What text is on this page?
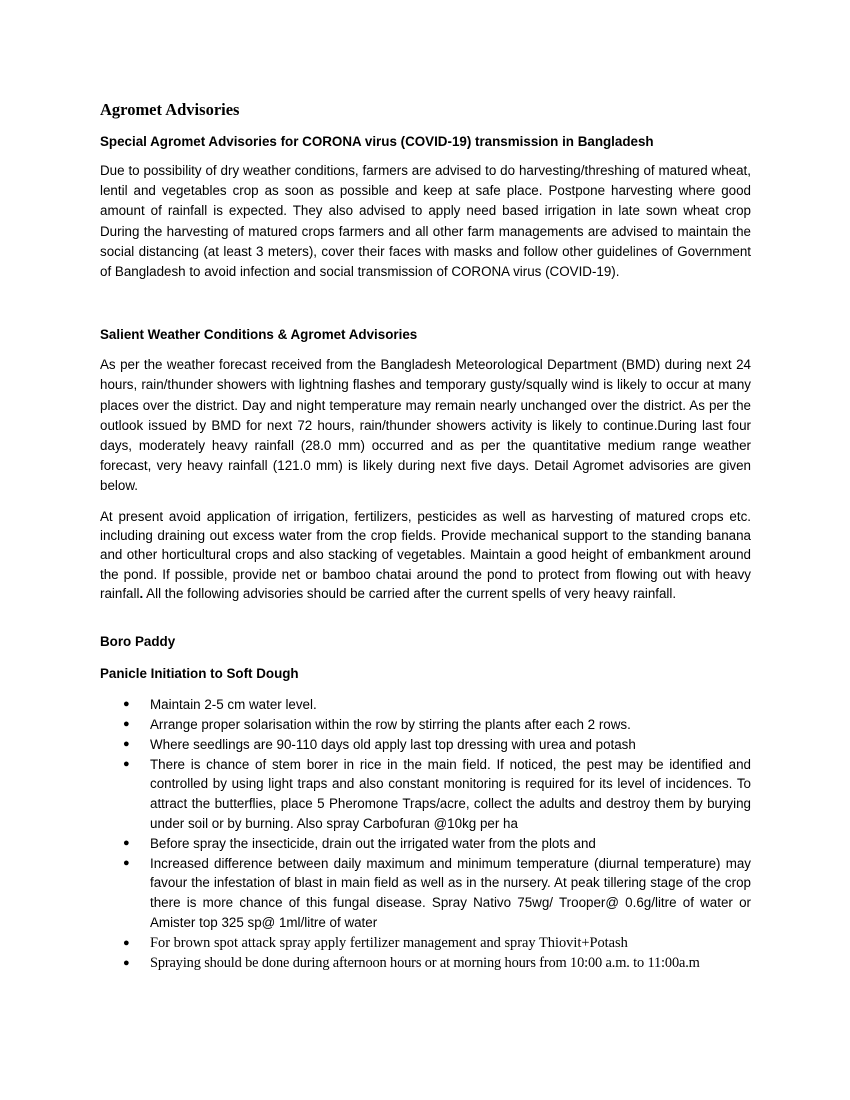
Agromet Advisories
Special Agromet Advisories for CORONA virus (COVID-19) transmission in Bangladesh

Due to possibility of dry weather conditions, farmers are advised to do harvesting/threshing of matured wheat, lentil and vegetables crop as soon as possible and keep at safe place. Postpone harvesting where good amount of rainfall is expected. They also advised to apply need based irrigation in late sown wheat crop During the harvesting of matured crops farmers and all other farm managements are advised to maintain the social distancing (at least 3 meters), cover their faces with masks and follow other guidelines of Government of Bangladesh to avoid infection and social transmission of CORONA virus (COVID-19).

Salient Weather Conditions & Agromet Advisories

As per the weather forecast received from the Bangladesh Meteorological Department (BMD) during next 24 hours, rain/thunder showers with lightning flashes and temporary gusty/squally wind is likely to occur at many places over the district. Day and night temperature may remain nearly unchanged over the district. As per the outlook issued by BMD for next 72 hours, rain/thunder showers activity is likely to continue.During last four days, moderately heavy rainfall (28.0 mm) occurred and as per the quantitative medium range weather forecast, very heavy rainfall (121.0 mm) is likely during next five days. Detail Agromet advisories are given below.

At present avoid application of irrigation, fertilizers, pesticides as well as harvesting of matured crops etc. including draining out excess water from the crop fields. Provide mechanical support to the standing banana and other horticultural crops and also stacking of vegetables. Maintain a good height of embankment around the pond. If possible, provide net or bamboo chatai around the pond to protect from flowing out with heavy rainfall. All the following advisories should be carried after the current spells of very heavy rainfall.

Boro Paddy
Panicle Initiation to Soft Dough
● Maintain 2-5 cm water level.
● Arrange proper solarisation within the row by stirring the plants after each 2 rows.
● Where seedlings are 90-110 days old apply last top dressing with urea and potash
● There is chance of stem borer in rice in the main field. If noticed, the pest may be identified and controlled by using light traps and also constant monitoring is required for its level of incidences. To attract the butterflies, place 5 Pheromone Traps/acre, collect the adults and destroy them by burying under soil or by burning. Also spray Carbofuran @10kg per ha
● Before spray the insecticide, drain out the irrigated water from the plots and
● Increased difference between daily maximum and minimum temperature (diurnal temperature) may favour the infestation of blast in main field as well as in the nursery. At peak tillering stage of the crop there is more chance of this fungal disease. Spray Nativo 75wg/ Trooper@ 0.6g/litre of water or Amister top 325 sp@ 1ml/litre of water
● For brown spot attack spray apply fertilizer management and spray Thiovit+Potash
● Spraying should be done during afternoon hours or at morning hours from 10:00 a.m. to 11:00a.m
